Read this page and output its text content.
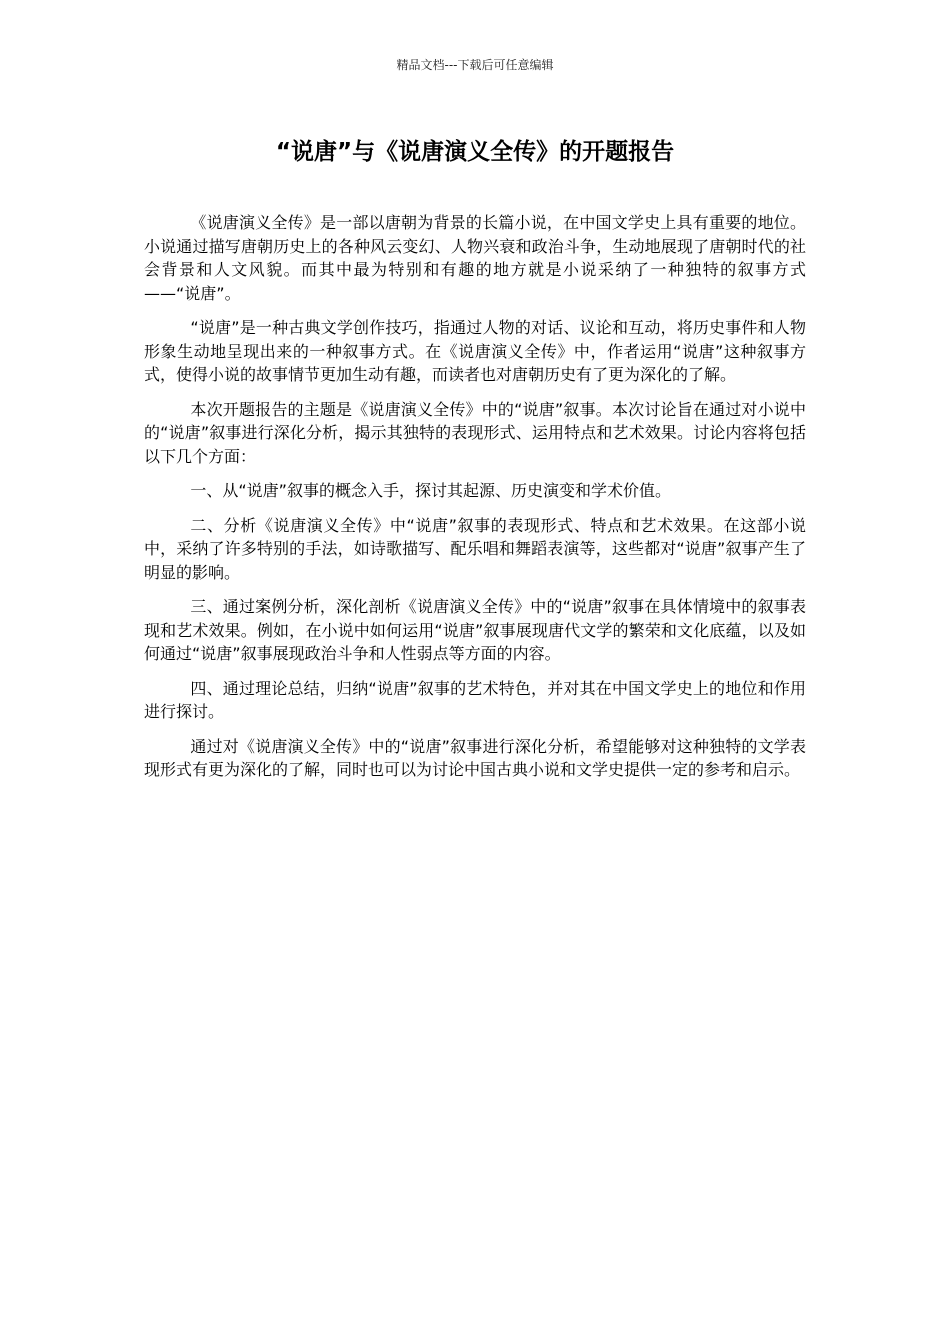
精品文档---下载后可任意编辑
“说唐”与《说唐演义全传》的开题报告

《说唐演义全传》是一部以唐朝为背景的长篇小说，在中国文学史上具有重要的地位。小说通过描写唐朝历史上的各种风云变幻、人物兴衰和政治斗争，生动地展现了唐朝时代的社会背景和人文风貌。而其中最为特别和有趣的地方就是小说采纳了一种独特的叙事方式——“说唐”。

“说唐”是一种古典文学创作技巧，指通过人物的对话、议论和互动，将历史事件和人物形象生动地呈现出来的一种叙事方式。在《说唐演义全传》中，作者运用“说唐”这种叙事方式，使得小说的故事情节更加生动有趣，而读者也对唐朝历史有了更为深化的了解。

本次开题报告的主题是《说唐演义全传》中的“说唐”叙事。本次讨论旨在通过对小说中的“说唐”叙事进行深化分析，揭示其独特的表现形式、运用特点和艺术效果。讨论内容将包括以下几个方面：

一、从“说唐”叙事的概念入手，探讨其起源、历史演变和学术价值。

二、分析《说唐演义全传》中“说唐”叙事的表现形式、特点和艺术效果。在这部小说中，采纳了许多特别的手法，如诗歌描写、配乐唱和舞蹈表演等，这些都对“说唐”叙事产生了明显的影响。

三、通过案例分析，深化剖析《说唐演义全传》中的“说唐”叙事在具体情境中的叙事表现和艺术效果。例如，在小说中如何运用“说唐”叙事展现唐代文学的繁荣和文化底蕴，以及如何通过“说唐”叙事展现政治斗争和人性弱点等方面的内容。

四、通过理论总结，归纳“说唐”叙事的艺术特色，并对其在中国文学史上的地位和作用进行探讨。

通过对《说唐演义全传》中的“说唐”叙事进行深化分析，希望能够对这种独特的文学表现形式有更为深化的了解，同时也可以为讨论中国古典小说和文学史提供一定的参考和启示。
